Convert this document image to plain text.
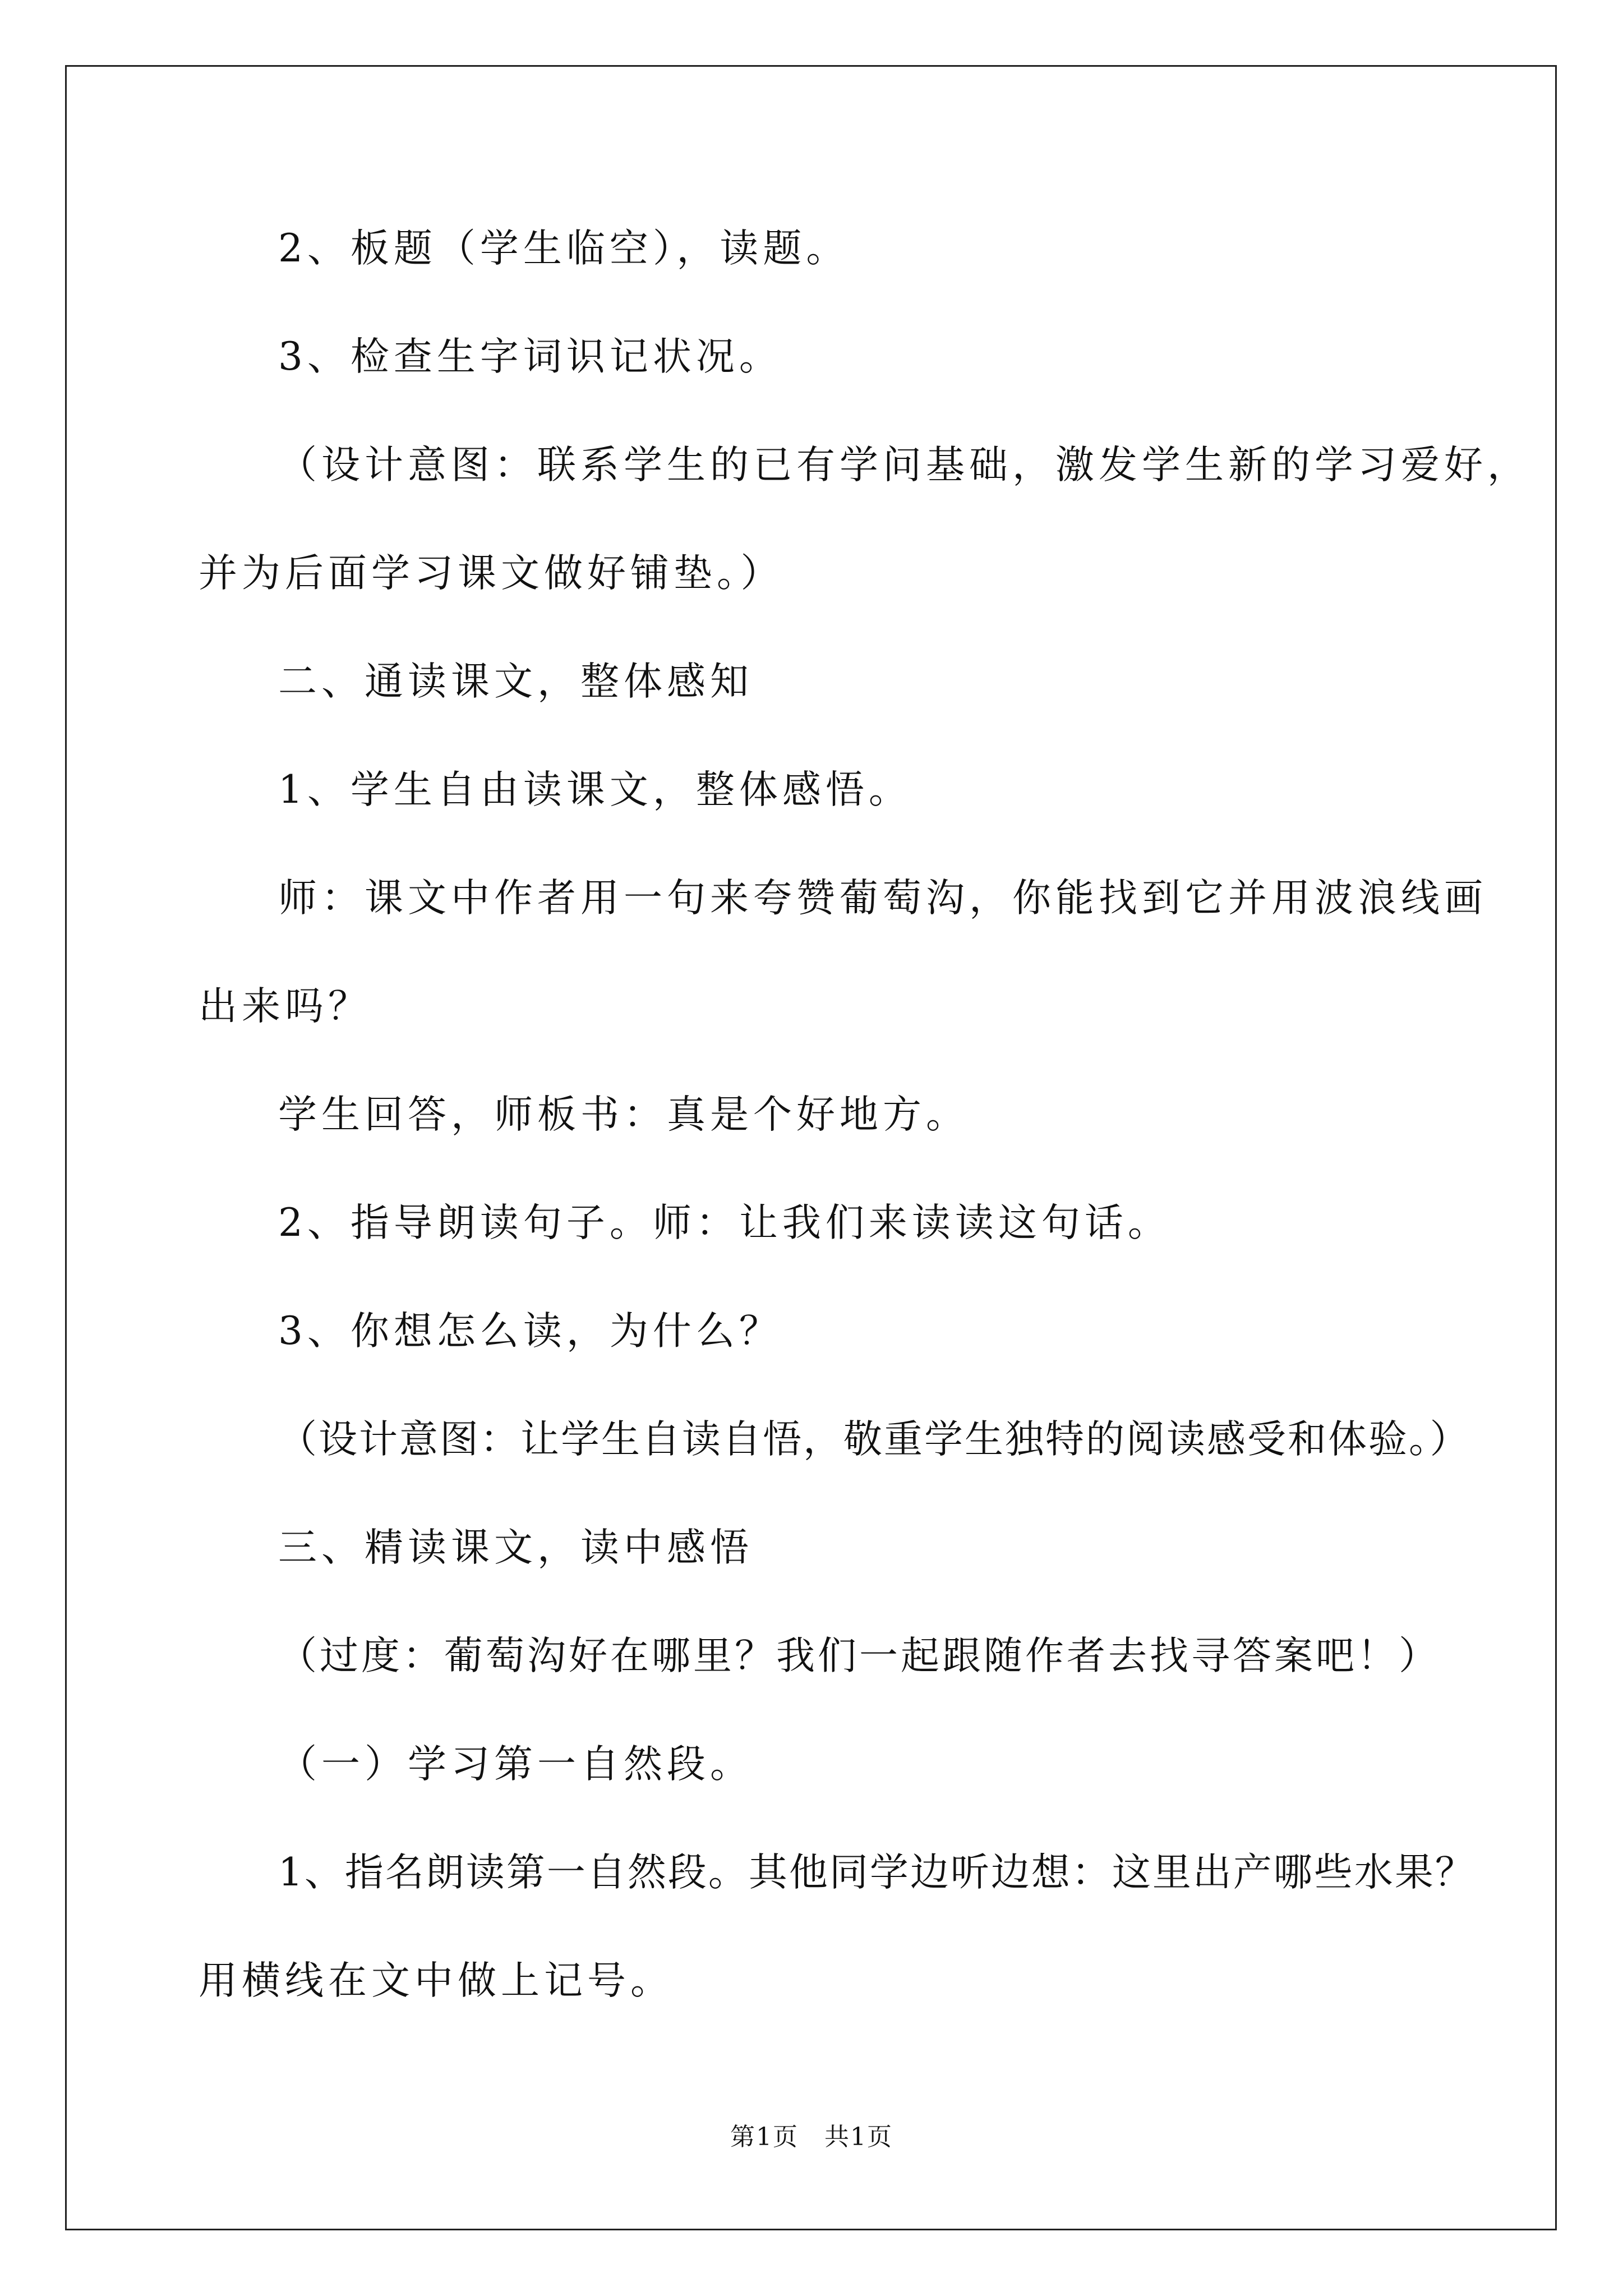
2、板题（学生临空），读题。
3、检查生字词识记状况。
（设计意图：联系学生的已有学问基础，激发学生新的学习爱好，
并为后面学习课文做好铺垫。）
二、通读课文，整体感知
1、学生自由读课文，整体感悟。
师：课文中作者用一句来夸赞葡萄沟，你能找到它并用波浪线画
出来吗？
学生回答，师板书：真是个好地方。
2、指导朗读句子。师：让我们来读读这句话。
3、你想怎么读，为什么？
（设计意图：让学生自读自悟，敬重学生独特的阅读感受和体验。）
三、精读课文，读中感悟
（过度：葡萄沟好在哪里？我们一起跟随作者去找寻答案吧！）
（一）学习第一自然段。
1、指名朗读第一自然段。其他同学边听边想：这里出产哪些水果？
用横线在文中做上记号。
第1页　共1页
